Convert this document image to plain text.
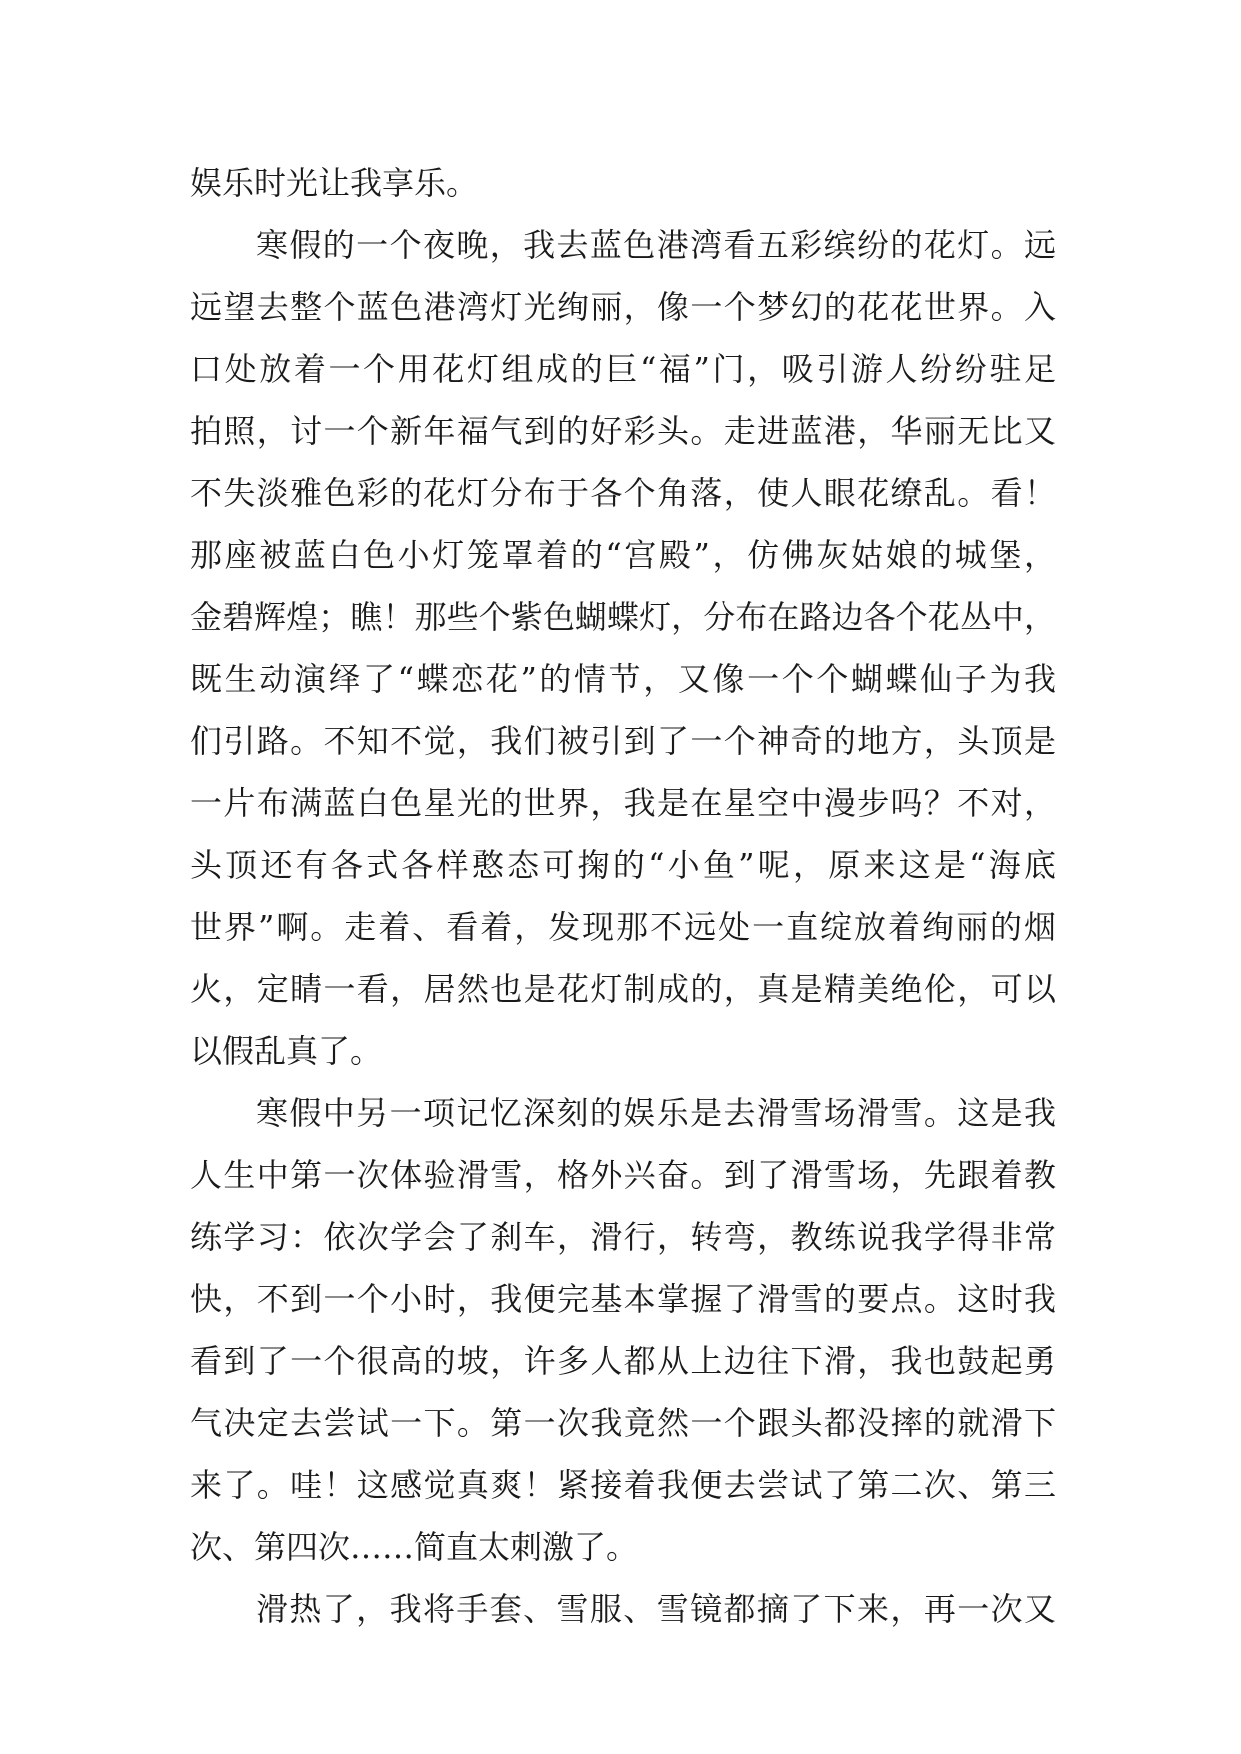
娱乐时光让我享乐。
寒假的一个夜晚，我去蓝色港湾看五彩缤纷的花灯。远
远望去整个蓝色港湾灯光绚丽，像一个梦幻的花花世界。入
口处放着一个用花灯组成的巨“福”门，吸引游人纷纷驻足
拍照，讨一个新年福气到的好彩头。走进蓝港，华丽无比又
不失淡雅色彩的花灯分布于各个角落，使人眼花缭乱。看！
那座被蓝白色小灯笼罩着的“宫殿”，仿佛灰姑娘的城堡，
金碧辉煌；瞧！那些个紫色蝴蝶灯，分布在路边各个花丛中，
既生动演绎了“蝶恋花”的情节，又像一个个蝴蝶仙子为我
们引路。不知不觉，我们被引到了一个神奇的地方，头顶是
一片布满蓝白色星光的世界，我是在星空中漫步吗？不对，
头顶还有各式各样憨态可掬的“小鱼”呢，原来这是“海底
世界”啊。走着、看着，发现那不远处一直绽放着绚丽的烟
火，定睛一看，居然也是花灯制成的，真是精美绝伦，可以
以假乱真了。
寒假中另一项记忆深刻的娱乐是去滑雪场滑雪。这是我
人生中第一次体验滑雪，格外兴奋。到了滑雪场，先跟着教
练学习：依次学会了刹车，滑行，转弯，教练说我学得非常
快，不到一个小时，我便完基本掌握了滑雪的要点。这时我
看到了一个很高的坡，许多人都从上边往下滑，我也鼓起勇
气决定去尝试一下。第一次我竟然一个跟头都没摔的就滑下
来了。哇！这感觉真爽！紧接着我便去尝试了第二次、第三
次、第四次……简直太刺激了。
滑热了，我将手套、雪服、雪镜都摘了下来，再一次又
